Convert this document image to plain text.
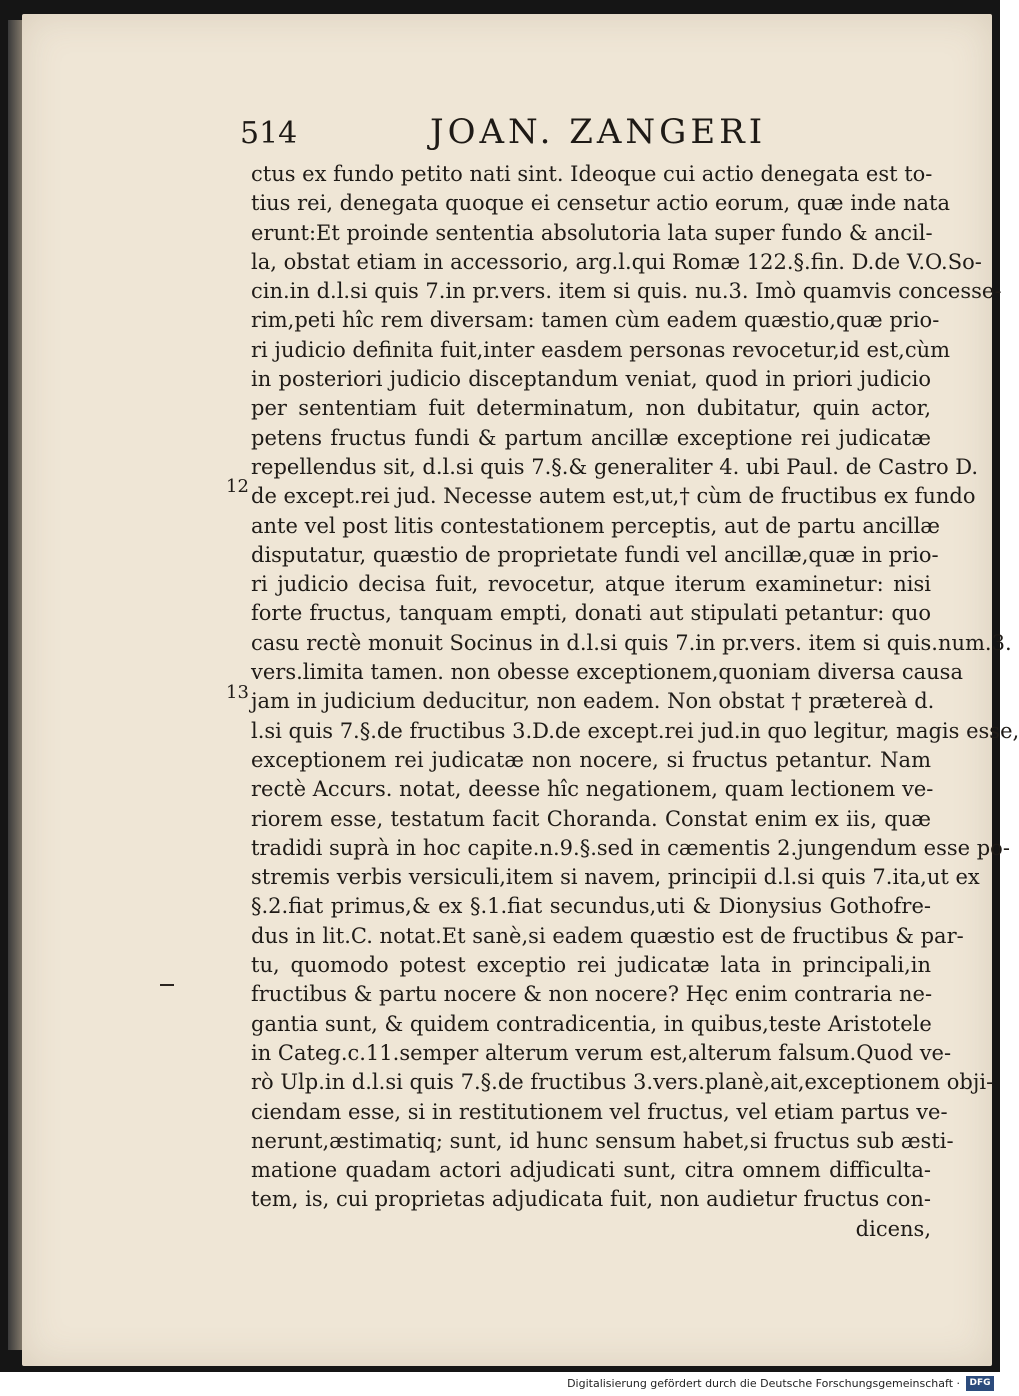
514	JOAN. ZANGERI
12
13
ctus ex fundo petito nati sint. Ideoque cui actio denegata est to-
tius rei, denegata quoque ei censetur actio eorum, quæ inde nata
erunt:Et proinde sententia absolutoria lata super fundo & ancil-
la, obstat etiam in accessorio, arg.l.qui Romæ 122.§.fin. D.de V.O.So-
cin.in d.l.si quis 7.in pr.vers. item si quis. nu.3. Imò quamvis concesse-
rim,peti hîc rem diversam: tamen cùm eadem quæstio,quæ prio-
ri judicio definita fuit,inter easdem personas revocetur,id est,cùm
in posteriori judicio disceptandum veniat, quod in priori judicio
per sententiam fuit determinatum, non dubitatur, quin actor,
petens fructus fundi & partum ancillæ exceptione rei judicatæ
repellendus sit, d.l.si quis 7.§.& generaliter 4. ubi Paul. de Castro D.
de except.rei jud. Necesse autem est,ut,† cùm de fructibus ex fundo
ante vel post litis contestationem perceptis, aut de partu ancillæ
disputatur, quæstio de proprietate fundi vel ancillæ,quæ in prio-
ri judicio decisa fuit, revocetur, atque iterum examinetur: nisi
forte fructus, tanquam empti, donati aut stipulati petantur: quo
casu rectè monuit Socinus in d.l.si quis 7.in pr.vers. item si quis.num.3.
vers.limita tamen. non obesse exceptionem,quoniam diversa causa
jam in judicium deducitur, non eadem. Non obstat † prætereà d.
l.si quis 7.§.de fructibus 3.D.de except.rei jud.in quo legitur, magis esse,
exceptionem rei judicatæ non nocere, si fructus petantur. Nam
rectè Accurs. notat, deesse hîc negationem, quam lectionem ve-
riorem esse, testatum facit Choranda. Constat enim ex iis, quæ
tradidi suprà in hoc capite.n.9.§.sed in cæmentis 2.jungendum esse po-
stremis verbis versiculi,item si navem, principii d.l.si quis 7.ita,ut ex
§.2.fiat primus,& ex §.1.fiat secundus,uti & Dionysius Gothofre-
dus in lit.C. notat.Et sanè,si eadem quæstio est de fructibus & par-
tu, quomodo potest exceptio rei judicatæ lata in principali,in
fructibus & partu nocere & non nocere? Hęc enim contraria ne-
gantia sunt, & quidem contradicentia, in quibus,teste Aristotele
in Categ.c.11.semper alterum verum est,alterum falsum.Quod ve-
rò Ulp.in d.l.si quis 7.§.de fructibus 3.vers.planè,ait,exceptionem obji-
ciendam esse, si in restitutionem vel fructus, vel etiam partus ve-
nerunt,æstimatiq; sunt, id hunc sensum habet,si fructus sub æsti-
matione quadam actori adjudicati sunt, citra omnem difficulta-
tem, is, cui proprietas adjudicata fuit, non audietur fructus con-
dicens,
Digitalisierung gefördert durch die Deutsche Forschungsgemeinschaft ·	DFG
